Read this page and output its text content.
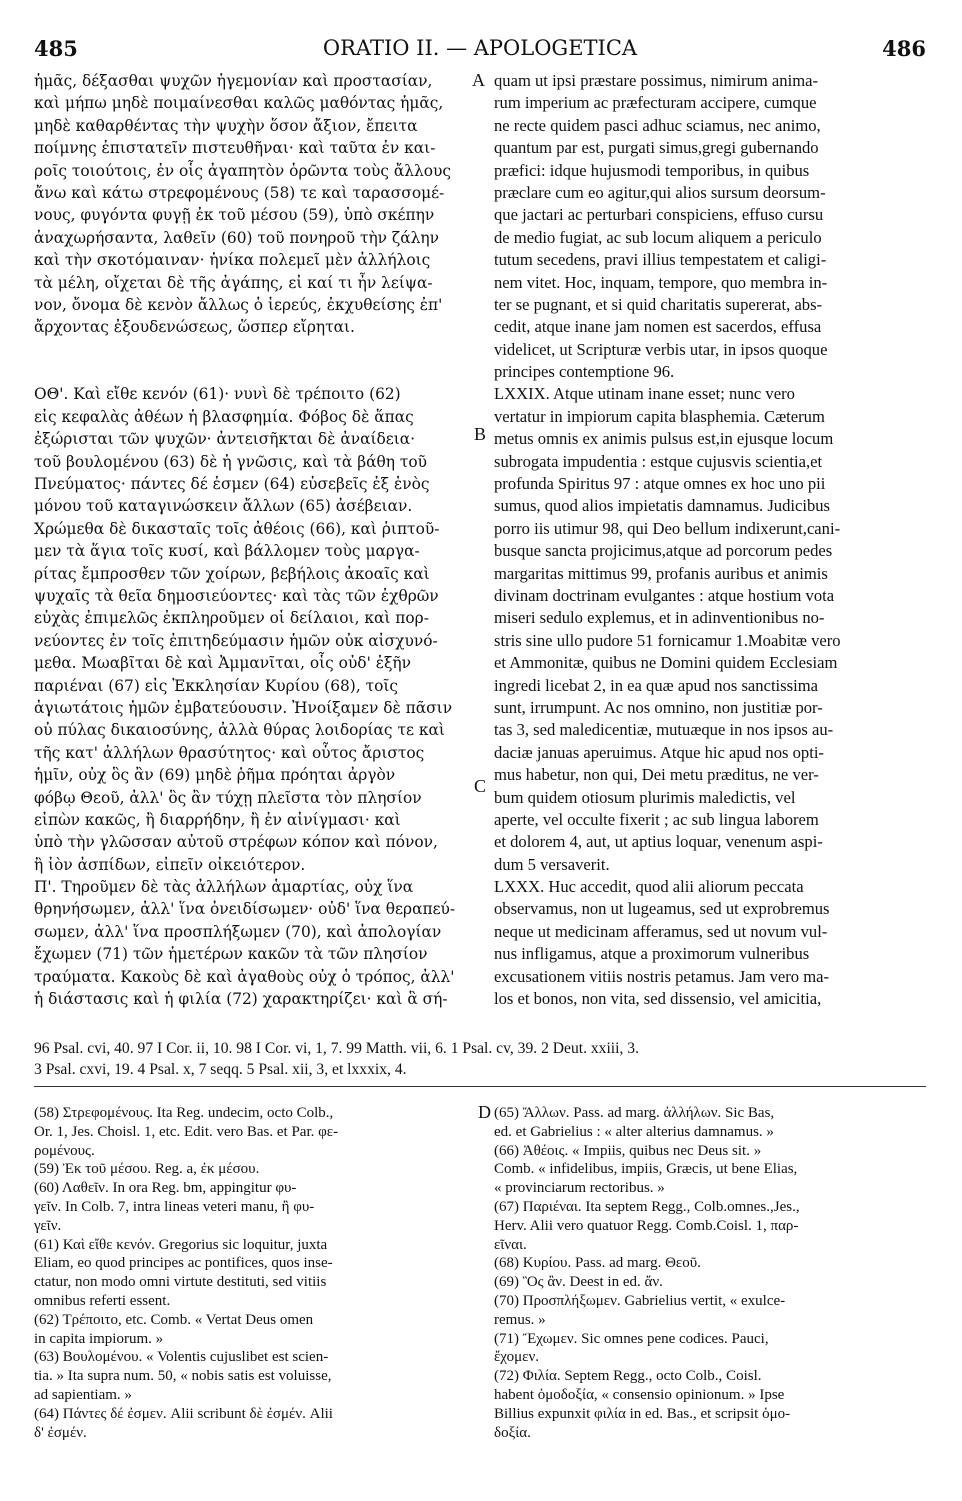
485	ORATIO II. — APOLOGETICA	486
ἡμᾶς, δέξασθαι ψυχῶν ἡγεμονίαν καὶ προστασίαν,
καὶ μήπω μηδὲ ποιμαίνεσθαι καλῶς μαθόντας ἡμᾶς,
μηδὲ καθαρθέντας τὴν ψυχὴν ὅσον ἄξιον, ἔπειτα
ποίμνης ἐπιστατεῖν πιστευθῆναι· καὶ ταῦτα ἐν και-
ροῖς τοιούτοις, ἐν οἷς ἀγαπητὸν ὁρῶντα τοὺς ἄλλους
ἄνω καὶ κάτω στρεφομένους (58) τε καὶ ταρασσομέ-
νους, φυγόντα φυγῇ ἐκ τοῦ μέσου (59), ὑπὸ σκέπην
ἀναχωρήσαντα, λαθεῖν (60) τοῦ πονηροῦ τὴν ζάλην
καὶ τὴν σκοτόμαιναν· ἡνίκα πολεμεῖ μὲν ἀλλήλοις
τὰ μέλη, οἴχεται δὲ τῆς ἀγάπης, εἰ καί τι ἦν λείψα-
νον, ὄνομα δὲ κενὸν ἄλλως ὁ ἱερεύς, ἐκχυθείσης ἐπ'
ἄρχοντας ἐξουδενώσεως, ὥσπερ εἴρηται.
ΟΘ'. Καὶ εἴθε κενόν (61)· νυνὶ δὲ τρέποιτο (62)
εἰς κεφαλὰς ἀθέων ἡ βλασφημία. Φόβος δὲ ἅπας
ἐξώρισται τῶν ψυχῶν· ἀντεισῆκται δὲ ἀναίδεια·
τοῦ βουλομένου (63) δὲ ἡ γνῶσις, καὶ τὰ βάθη τοῦ
Πνεύματος· πάντες δέ ἐσμεν (64) εὐσεβεῖς ἐξ ἑνὸς
μόνου τοῦ καταγινώσκειν ἄλλων (65) ἀσέβειαν.
Χρώμεθα δὲ δικασταῖς τοῖς ἀθέοις (66), καὶ ῥιπτοῦ-
μεν τὰ ἅγια τοῖς κυσί, καὶ βάλλομεν τοὺς μαργα-
ρίτας ἔμπροσθεν τῶν χοίρων, βεβήλοις ἀκοαῖς καὶ
ψυχαῖς τὰ θεῖα δημοσιεύοντες· καὶ τὰς τῶν ἐχθρῶν
εὐχὰς ἐπιμελῶς ἐκπληροῦμεν οἱ δείλαιοι, καὶ πορ-
νεύοντες ἐν τοῖς ἐπιτηδεύμασιν ἡμῶν οὐκ αἰσχυνό-
μεθα. Μωαβῖται δὲ καὶ Ἀμμανῖται, οἷς οὐδ' ἐξῆν
παριέναι (67) εἰς Ἐκκλησίαν Κυρίου (68), τοῖς
ἁγιωτάτοις ἡμῶν ἐμβατεύουσιν. Ἠνοίξαμεν δὲ πᾶσιν
οὐ πύλας δικαιοσύνης, ἀλλὰ θύρας λοιδορίας τε καὶ
τῆς κατ' ἀλλήλων θρασύτητος· καὶ οὗτος ἄριστος
ἡμῖν, οὐχ ὃς ἂν (69) μηδὲ ῥῆμα πρόηται ἀργὸν
φόβῳ Θεοῦ, ἀλλ' ὃς ἂν τύχῃ πλεῖστα τὸν πλησίον
εἰπὼν κακῶς, ἢ διαρρήδην, ἢ ἐν αἰνίγμασι· καὶ
ὑπὸ τὴν γλῶσσαν αὐτοῦ στρέφων κόπον καὶ πόνον,
ἢ ἰὸν ἀσπίδων, εἰπεῖν οἰκειότερον.
Π'. Τηροῦμεν δὲ τὰς ἀλλήλων ἁμαρτίας, οὐχ ἵνα
θρηνήσωμεν, ἀλλ' ἵνα ὀνειδίσωμεν· οὐδ' ἵνα θεραπεύ-
σωμεν, ἀλλ' ἵνα προσπλήξωμεν (70), καὶ ἀπολογίαν
ἔχωμεν (71) τῶν ἡμετέρων κακῶν τὰ τῶν πλησίον
τραύματα. Κακοὺς δὲ καὶ ἀγαθοὺς οὐχ ὁ τρόπος, ἀλλ'
ἡ διάστασις καὶ ἡ φιλία (72) χαρακτηρίζει· καὶ ἃ σή-
quam ut ipsi præstare possimus, nimirum anima-
rum imperium ac præfecturam accipere, cumque
ne recte quidem pasci adhuc sciamus, nec animo,
quantum par est, purgati simus,gregi gubernando
præfici: idque hujusmodi temporibus, in quibus
præclare cum eo agitur,qui alios sursum deorsum-
que jactari ac perturbari conspiciens, effuso cursu
de medio fugiat, ac sub locum aliquem a periculo
tutum secedens, pravi illius tempestatem et caligi-
nem vitet. Hoc, inquam, tempore, quo membra in-
ter se pugnant, et si quid charitatis supererat, abs-
cedit, atque inane jam nomen est sacerdos, effusa
videlicet, ut Scripturæ verbis utar, in ipsos quoque
principes contemptione 96.
LXXIX. Atque utinam inane esset; nunc vero
vertatur in impiorum capita blasphemia. Cæterum
metus omnis ex animis pulsus est,in ejusque locum
subrogata impudentia : estque cujusvis scientia,et
profunda Spiritus 97 : atque omnes ex hoc uno pii
sumus, quod alios impietatis damnamus. Judicibus
porro iis utimur 98, qui Deo bellum indixerunt,cani-
busque sancta projicimus,atque ad porcorum pedes
margaritas mittimus 99, profanis auribus et animis
divinam doctrinam evulgantes : atque hostium vota
miseri sedulo explemus, et in adinventionibus no-
stris sine ullo pudore 51 fornicamur 1.Moabitæ vero
et Ammonitæ, quibus ne Domini quidem Ecclesiam
ingredi licebat 2, in ea quæ apud nos sanctissima
sunt, irrumpunt. Ac nos omnino, non justitiæ por-
tas 3, sed maledicentiæ, mutuæque in nos ipsos au-
daciæ januas aperuimus. Atque hic apud nos opti-
mus habetur, non qui, Dei metu præditus, ne ver-
bum quidem otiosum plurimis maledictis, vel
aperte, vel occulte fixerit ; ac sub lingua laborem
et dolorem 4, aut, ut aptius loquar, venenum aspi-
dum 5 versaverit.
LXXX. Huc accedit, quod alii aliorum peccata
observamus, non ut lugeamus, sed ut exprobremus
neque ut medicinam afferamus, sed ut novum vul-
nus infligamus, atque a proximorum vulneribus
excusationem vitiis nostris petamus. Jam vero ma-
los et bonos, non vita, sed dissensio, vel amicitia,
A
B
C
D
96 Psal. cvi, 40. 97 I Cor. ii, 10. 98 I Cor. vi, 1, 7. 99 Matth. vii, 6. 1 Psal. cv, 39. 2 Deut. xxiii, 3.
3 Psal. cxvi, 19. 4 Psal. x, 7 seqq. 5 Psal. xii, 3, et lxxxix, 4.
(58) Στρεφομένους. Ita Reg. undecim, octo Colb.,
Or. 1, Jes. Choisl. 1, etc. Edit. vero Bas. et Par. φε-
ρομένους.
(59) Ἐκ τοῦ μέσου. Reg. a, ἐκ μέσου.
(60) Λαθεῖν. In ora Reg. bm, appingitur φυ-
γεῖν. In Colb. 7, intra lineas veteri manu, ἢ φυ-
γεῖν.
(61) Καὶ εἴθε κενόν. Gregorius sic loquitur, juxta
Eliam, eo quod principes ac pontifices, quos inse-
ctatur, non modo omni virtute destituti, sed vitiis
omnibus referti essent.
(62) Τρέποιτο, etc. Comb. « Vertat Deus omen
in capita impiorum. »
(63) Βουλομένου. « Volentis cujuslibet est scien-
tia. » Ita supra num. 50, « nobis satis est voluisse,
ad sapientiam. »
(64) Πάντες δέ ἐσμεν. Alii scribunt δὲ ἐσμέν. Alii
δ' ἐσμέν.
(65) Ἄλλων. Pass. ad marg. ἀλλήλων. Sic Bas,
ed. et Gabrielius : « alter alterius damnamus. »
(66) Ἀθέοις. « Impiis, quibus nec Deus sit. »
Comb. « infidelibus, impiis, Græcis, ut bene Elias,
« provinciarum rectoribus. »
(67) Παριέναι. Ita septem Regg., Colb.omnes.,Jes.,
Herv. Alii vero quatuor Regg. Comb.Coisl. 1, παρ-
εῖναι.
(68) Κυρίου. Pass. ad marg. Θεοῦ.
(69) Ὃς ἂν. Deest in ed. ἄν.
(70) Προσπλήξωμεν. Gabrielius vertit, « exulce-
remus. »
(71) Ἔχωμεν. Sic omnes pene codices. Pauci,
ἔχομεν.
(72) Φιλία. Septem Regg., octo Colb., Coisl.
habent ὁμοδοξία, « consensio opinionum. » Ipse
Billius expunxit φιλία in ed. Bas., et scripsit ὁμο-
δοξία.
